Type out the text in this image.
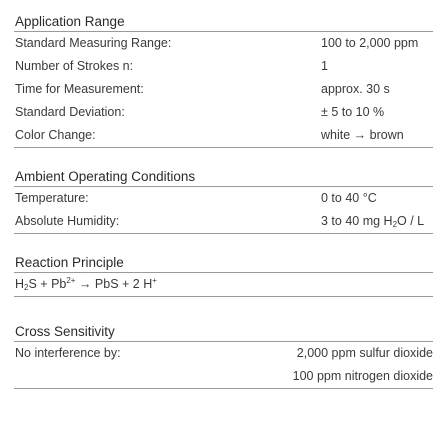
Application Range
Standard Measuring Range:	100 to 2,000 ppm
Number of Strokes n:	1
Time for Measurement:	approx. 30 s
Standard Deviation:	± 5 to 10 %
Color Change:	white → brown
Ambient Operating Conditions
Temperature:	0 to 40 °C
Absolute Humidity:	3 to 40 mg $H_2O$ / L
Reaction Principle
$H_2S + Pb^{2+}$ → PbS + 2 H+
Cross Sensitivity
No interference by:	2,000 ppm sulfur dioxide
100 ppm nitrogen dioxide
